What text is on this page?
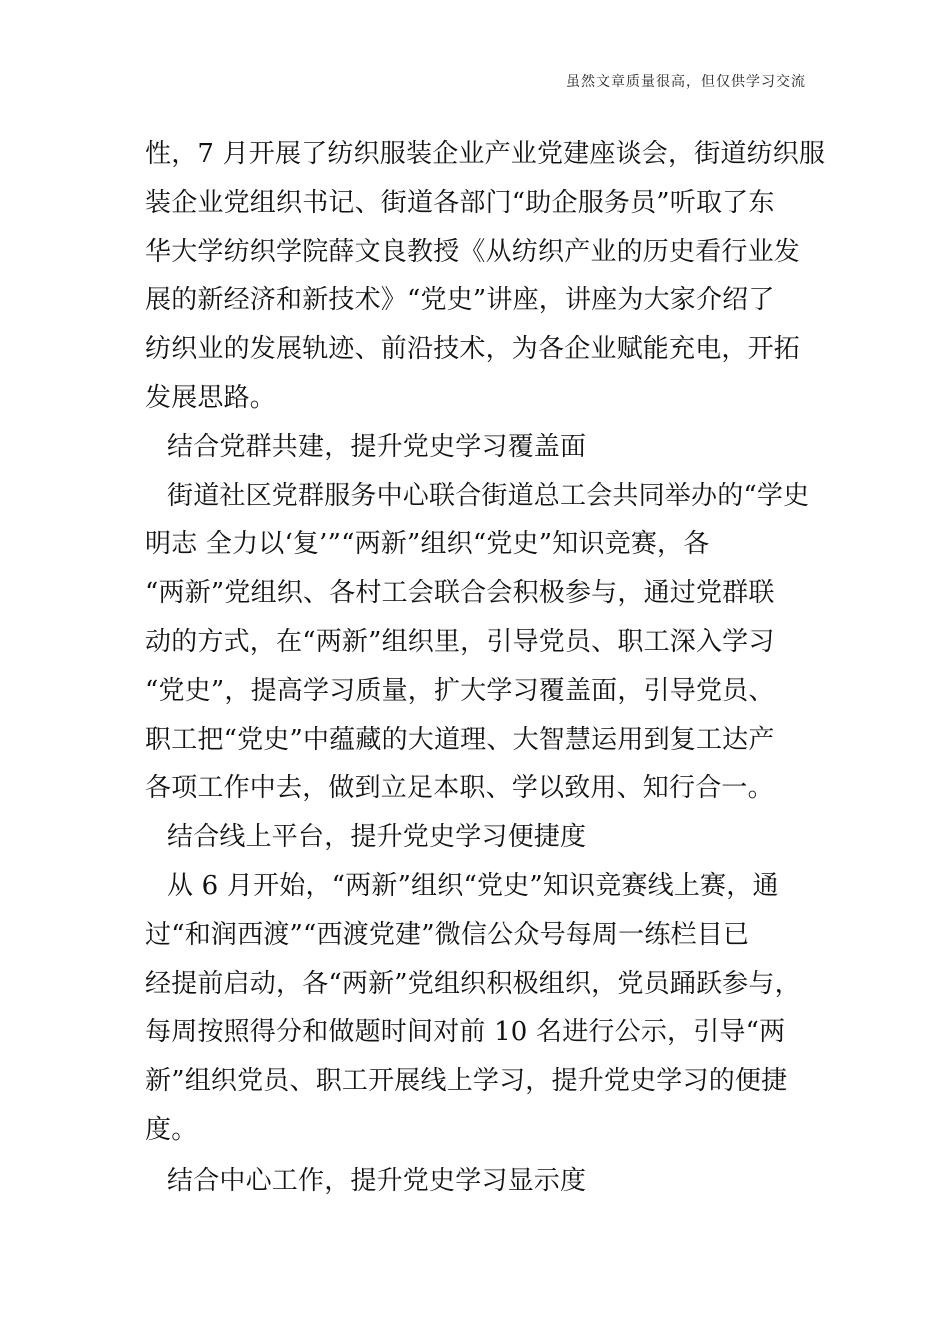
虽然文章质量很高，但仅供学习交流
性，7 月开展了纺织服装企业产业党建座谈会，街道纺织服
装企业党组织书记、街道各部门“助企服务员”听取了东
华大学纺织学院薛文良教授《从纺织产业的历史看行业发
展的新经济和新技术》“党史”讲座，讲座为大家介绍了
纺织业的发展轨迹、前沿技术，为各企业赋能充电，开拓
发展思路。
结合党群共建，提升党史学习覆盖面
街道社区党群服务中心联合街道总工会共同举办的“学史
明志 全力以‘复’”“两新”组织“党史”知识竞赛，各
“两新”党组织、各村工会联合会积极参与，通过党群联
动的方式，在“两新”组织里，引导党员、职工深入学习
“党史”，提高学习质量，扩大学习覆盖面，引导党员、
职工把“党史”中蕴藏的大道理、大智慧运用到复工达产
各项工作中去，做到立足本职、学以致用、知行合一。
结合线上平台，提升党史学习便捷度
从 6 月开始，“两新”组织“党史”知识竞赛线上赛，通
过“和润西渡”“西渡党建”微信公众号每周一练栏目已
经提前启动，各“两新”党组织积极组织，党员踊跃参与，
每周按照得分和做题时间对前 10 名进行公示，引导“两
新”组织党员、职工开展线上学习，提升党史学习的便捷
度。
结合中心工作，提升党史学习显示度
